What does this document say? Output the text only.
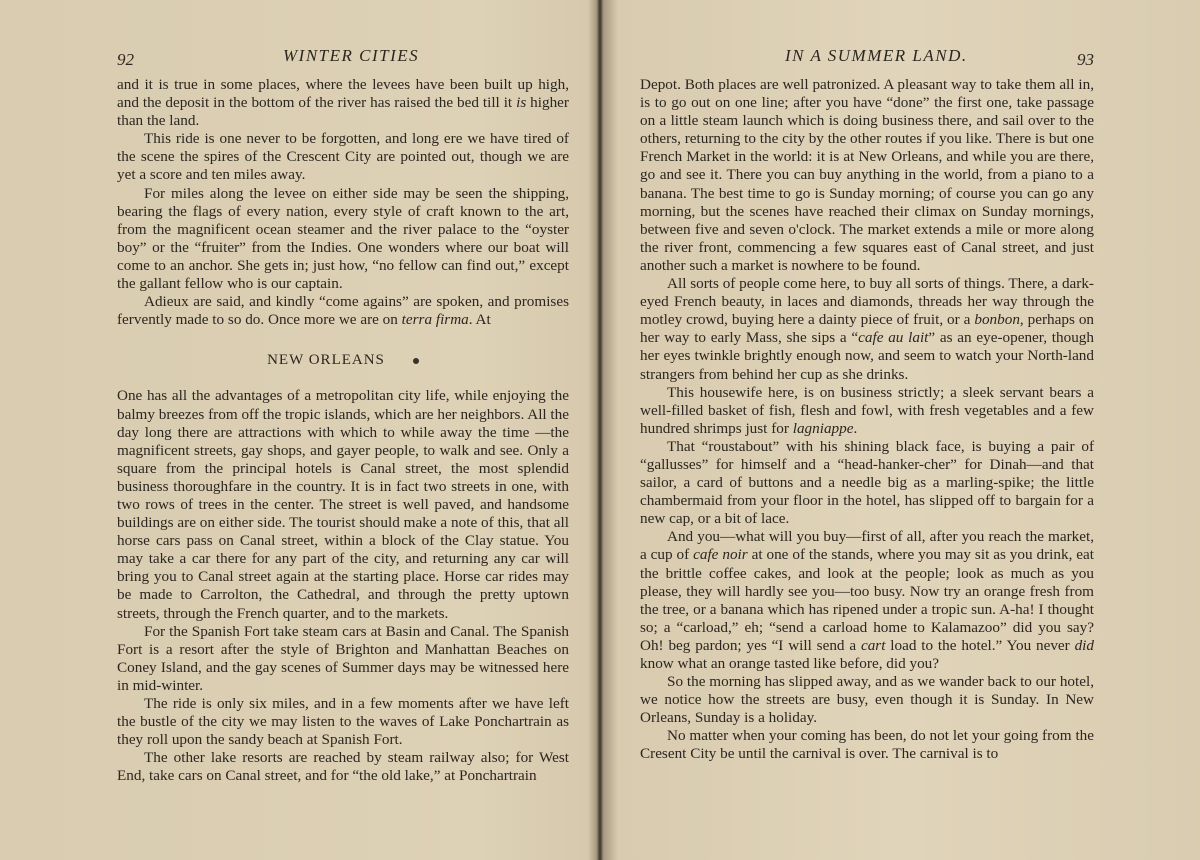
92	WINTER CITIES

and it is true in some places, where the levees have been built up high, and the deposit in the bottom of the river has raised the bed till it is higher than the land.

This ride is one never to be forgotten, and long ere we have tired of the scene the spires of the Crescent City are pointed out, though we are yet a score and ten miles away.

For miles along the levee on either side may be seen the shipping, bearing the flags of every nation, every style of craft known to the art, from the magnificent ocean steamer and the river palace to the “oyster boy” or the “fruiter” from the Indies. One wonders where our boat will come to an anchor. She gets in; just how, “no fellow can find out,” except the gallant fellow who is our captain.

Adieux are said, and kindly “come agains” are spoken, and promises fervently made to so do. Once more we are on terra firma. At

NEW ORLEANS

One has all the advantages of a metropolitan city life, while enjoying the balmy breezes from off the tropic islands, which are her neighbors. All the day long there are attractions with which to while away the time —the magnificent streets, gay shops, and gayer people, to walk and see. Only a square from the principal hotels is Canal street, the most splendid business thoroughfare in the country. It is in fact two streets in one, with two rows of trees in the center. The street is well paved, and handsome buildings are on either side. The tourist should make a note of this, that all horse cars pass on Canal street, within a block of the Clay statue. You may take a car there for any part of the city, and returning any car will bring you to Canal street again at the starting place. Horse car rides may be made to Carrolton, the Cathedral, and through the pretty uptown streets, through the French quarter, and to the markets.

For the Spanish Fort take steam cars at Basin and Canal. The Spanish Fort is a resort after the style of Brighton and Manhattan Beaches on Coney Island, and the gay scenes of Summer days may be witnessed here in mid-winter.

The ride is only six miles, and in a few moments after we have left the bustle of the city we may listen to the waves of Lake Ponchartrain as they roll upon the sandy beach at Spanish Fort.

The other lake resorts are reached by steam railway also; for West End, take cars on Canal street, and for “the old lake,” at Ponchartrain

IN A SUMMER LAND.	93

Depot. Both places are well patronized. A pleasant way to take them all in, is to go out on one line; after you have “done” the first one, take passage on a little steam launch which is doing business there, and sail over to the others, returning to the city by the other routes if you like. There is but one French Market in the world: it is at New Orleans, and while you are there, go and see it. There you can buy anything in the world, from a piano to a banana. The best time to go is Sunday morning; of course you can go any morning, but the scenes have reached their climax on Sunday mornings, between five and seven o'clock. The market extends a mile or more along the river front, commencing a few squares east of Canal street, and just another such a market is nowhere to be found.

All sorts of people come here, to buy all sorts of things. There, a dark-eyed French beauty, in laces and diamonds, threads her way through the motley crowd, buying here a dainty piece of fruit, or a bonbon, perhaps on her way to early Mass, she sips a “cafe au lait” as an eye-opener, though her eyes twinkle brightly enough now, and seem to watch your North-land strangers from behind her cup as she drinks.

This housewife here, is on business strictly; a sleek servant bears a well-filled basket of fish, flesh and fowl, with fresh vegetables and a few hundred shrimps just for lagniappe.

That “roustabout” with his shining black face, is buying a pair of “gallusses” for himself and a “head-hanker-cher” for Dinah—and that sailor, a card of buttons and a needle big as a marling-spike; the little chambermaid from your floor in the hotel, has slipped off to bargain for a new cap, or a bit of lace.

And you—what will you buy—first of all, after you reach the market, a cup of cafe noir at one of the stands, where you may sit as you drink, eat the brittle coffee cakes, and look at the people; look as much as you please, they will hardly see you—too busy. Now try an orange fresh from the tree, or a banana which has ripened under a tropic sun. A-ha! I thought so; a “carload,” eh; “send a carload home to Kalamazoo” did you say? Oh! beg pardon; yes “I will send a cart load to the hotel.” You never did know what an orange tasted like before, did you?

So the morning has slipped away, and as we wander back to our hotel, we notice how the streets are busy, even though it is Sunday. In New Orleans, Sunday is a holiday.

No matter when your coming has been, do not let your going from the Cresent City be until the carnival is over. The carnival is to
